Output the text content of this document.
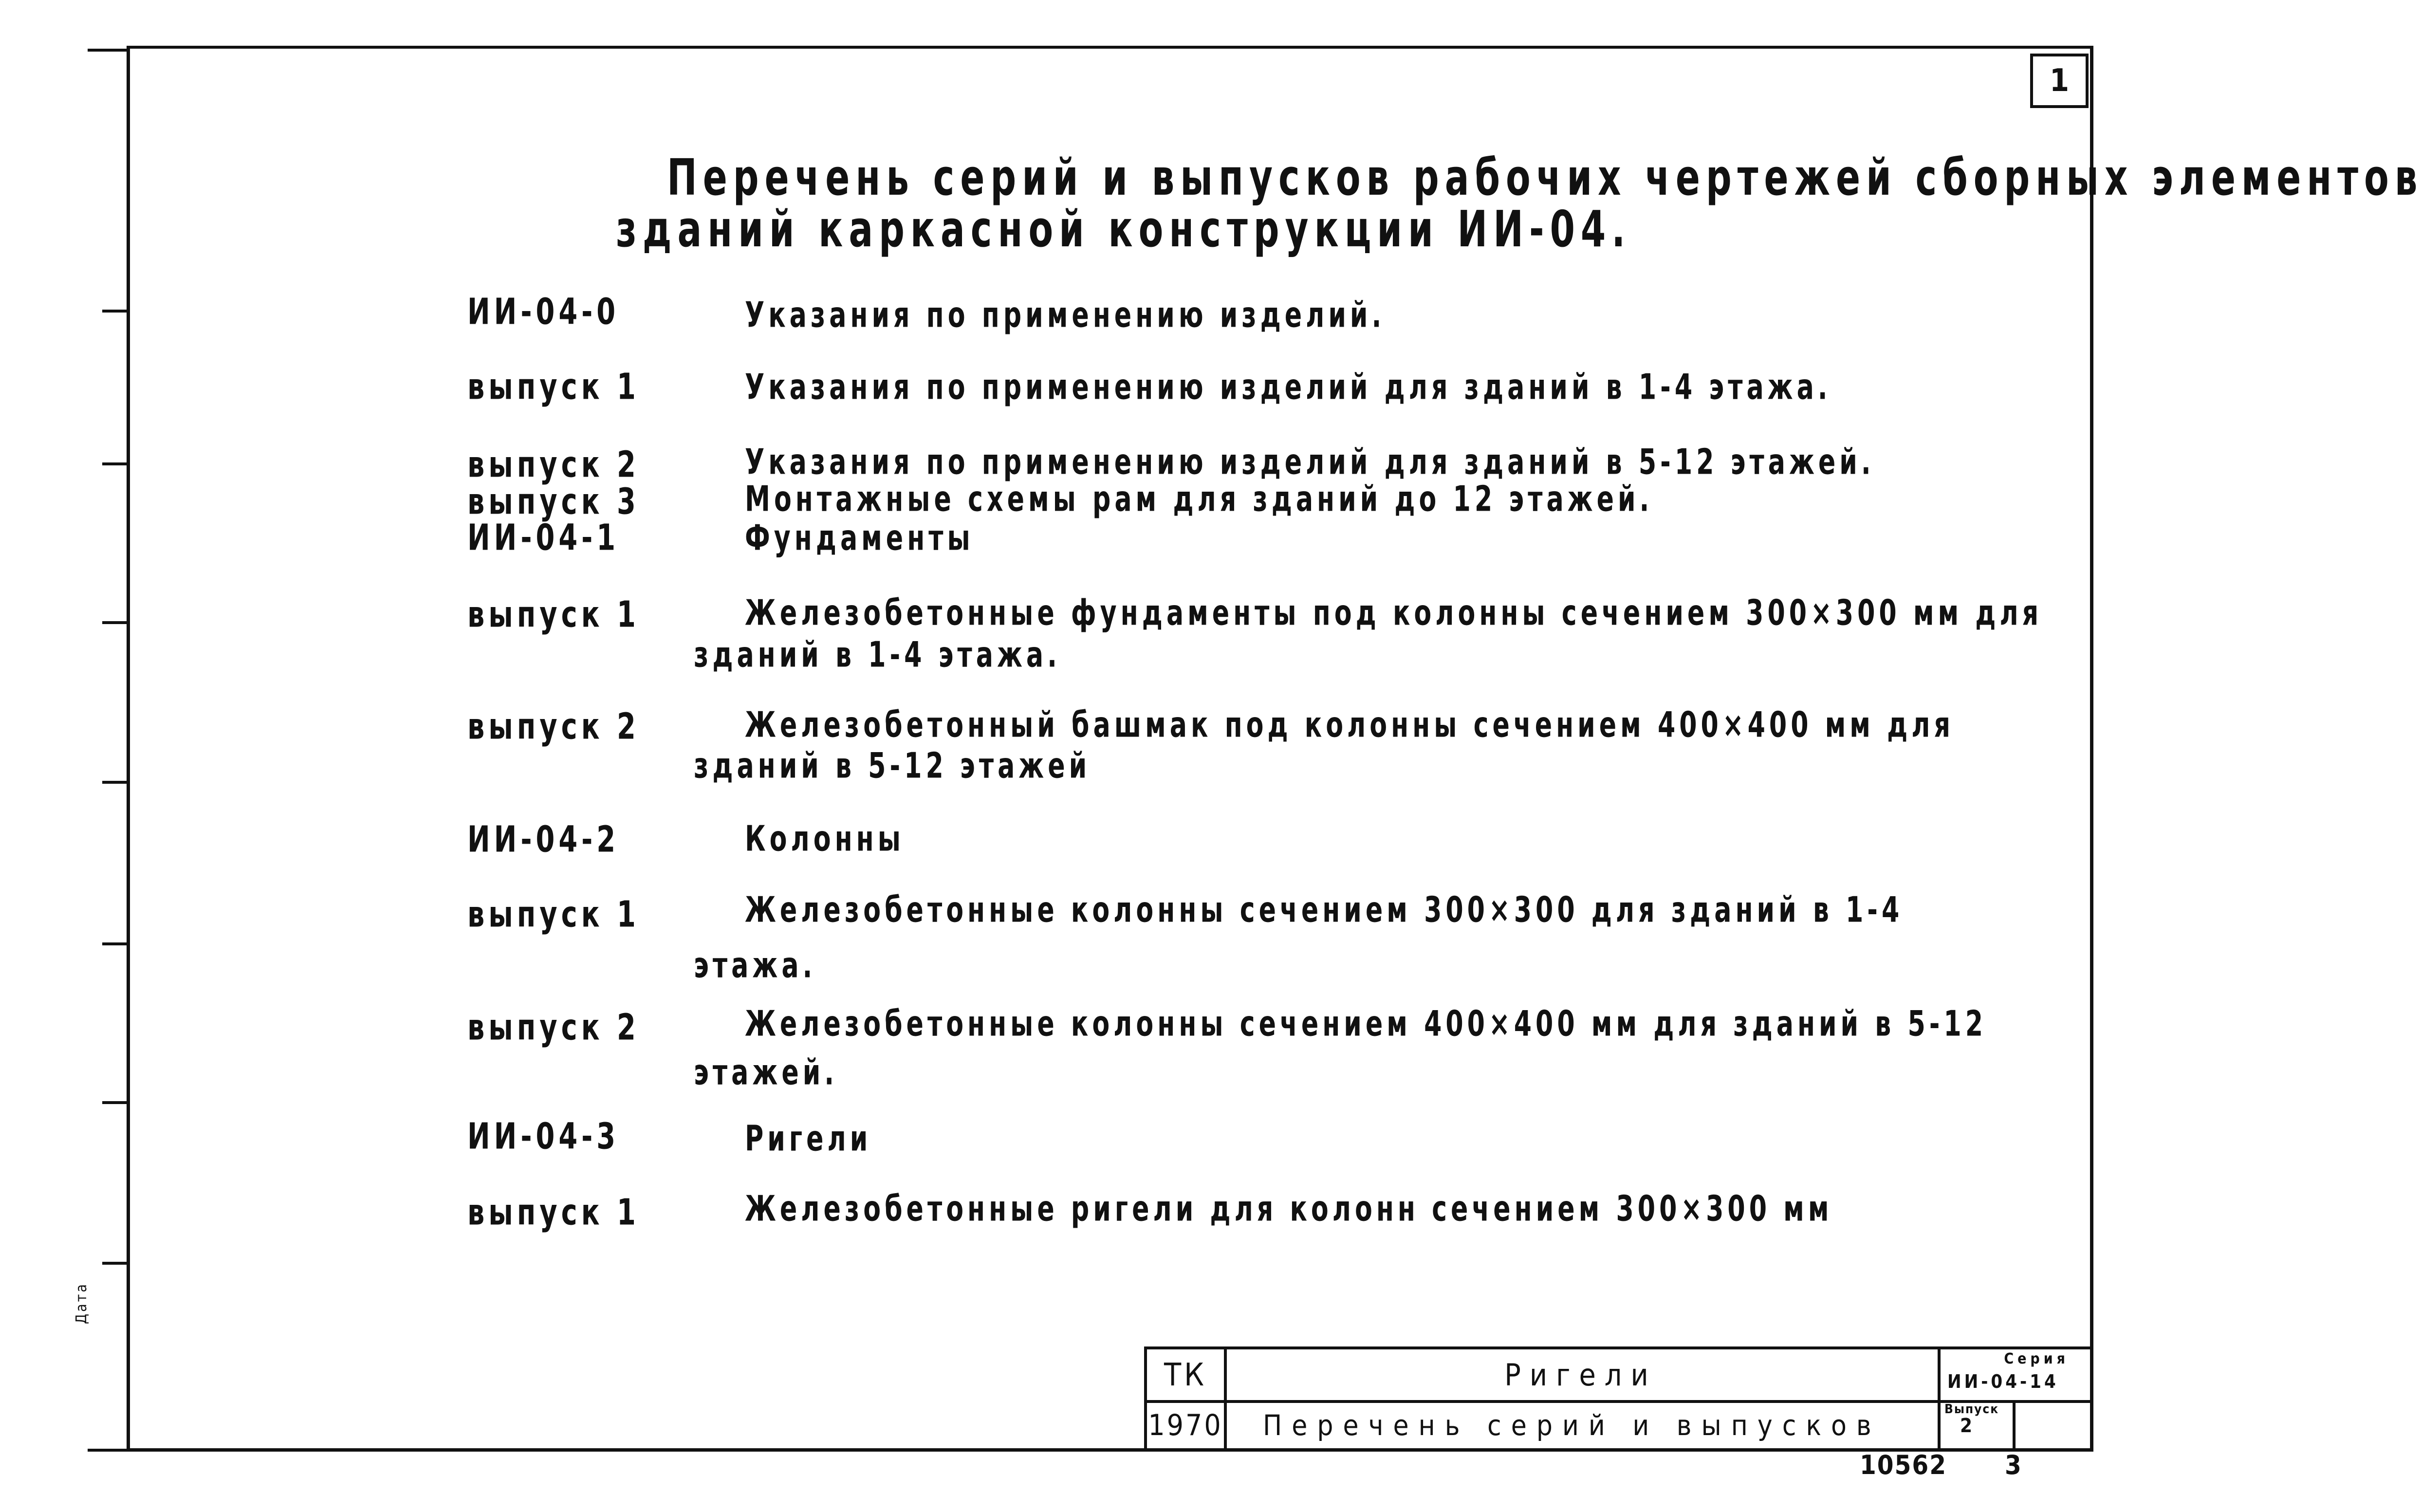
Дата
1
Перечень серий и выпусков рабочих чертежей сборных элементов
зданий каркасной конструкции ИИ-04.
ИИ-04-0	Указания по применению изделий.
выпуск 1	Указания по применению изделий для зданий в 1-4 этажа.
выпуск 2	Указания по применению изделий для зданий в 5-12 этажей.
выпуск 3	Монтажные схемы рам для зданий до 12 этажей.
ИИ-04-1	Фундаменты
выпуск 1	Железобетонные фундаменты под колонны сечением 300×300 мм для
зданий в 1-4 этажа.
выпуск 2	Железобетонный башмак под колонны сечением 400×400 мм для
зданий в 5-12 этажей
ИИ-04-2	Колонны
выпуск 1	Железобетонные колонны сечением 300×300 для зданий в 1-4
этажа.
выпуск 2	Железобетонные колонны сечением 400×400 мм для зданий в 5-12
этажей.
ИИ-04-3	Ригели
выпуск 1	Железобетонные ригели для колонн сечением 300×300 мм
ТК
1970
Ригели
Перечень серий и выпусков
Серия
ИИ-04-14
Выпуск
2
10562 3
